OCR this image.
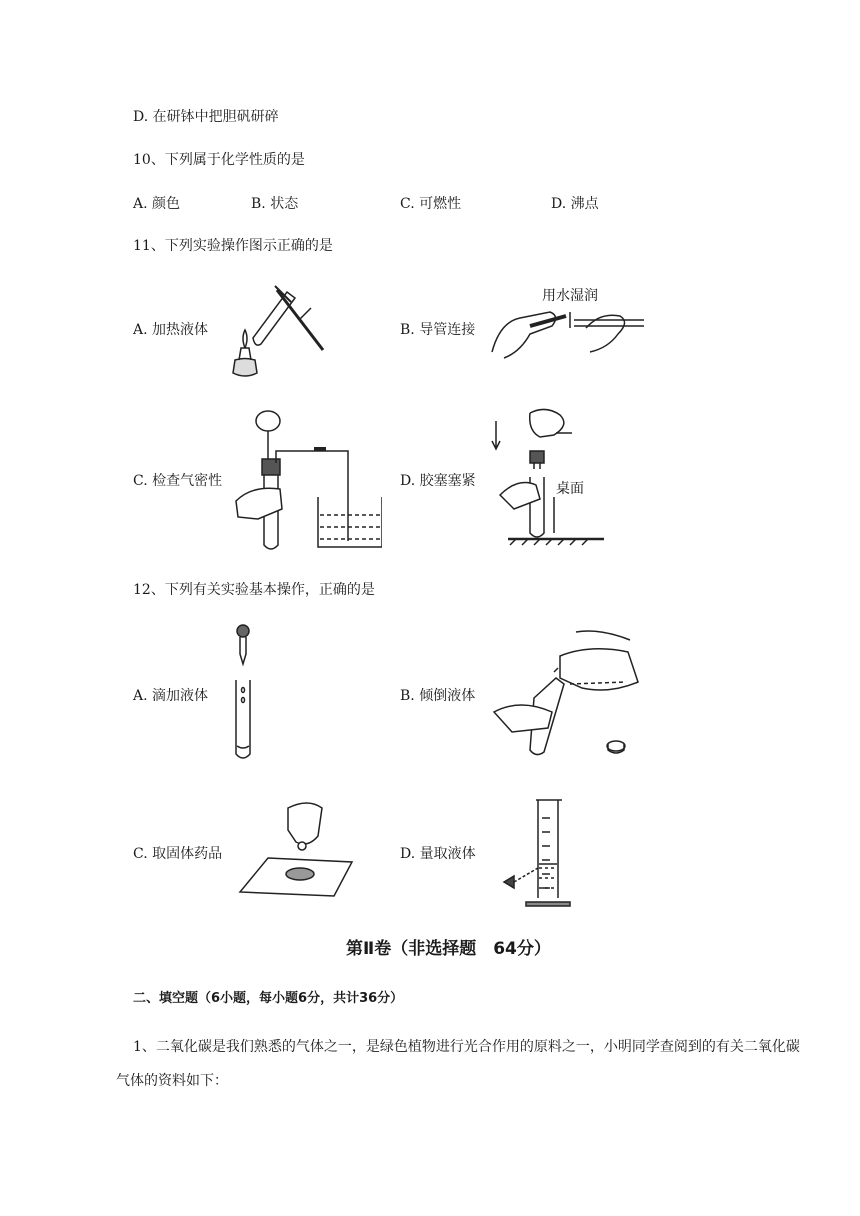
D. 在研钵中把胆矾研碎
10、下列属于化学性质的是
A. 颜色	B. 状态	C. 可燃性	D. 沸点
11、下列实验操作图示正确的是
A. 加热液体	B. 导管连接
C. 检查气密性	D. 胶塞塞紧
用水湿润
桌面
12、下列有关实验基本操作，正确的是
A. 滴加液体	B. 倾倒液体
C. 取固体药品	D. 量取液体
第Ⅱ卷（非选择题　64分）
二、填空题（6小题，每小题6分，共计36分）
1、二氧化碳是我们熟悉的气体之一，是绿色植物进行光合作用的原料之一，小明同学查阅到的有关二氧化碳气体的资料如下：
